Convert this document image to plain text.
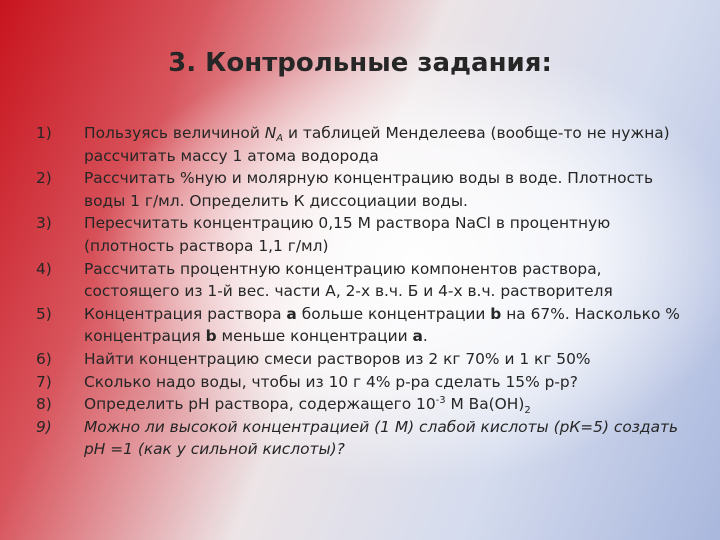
3. Контрольные задания:
1)	Пользуясь величиной $N_A$ и таблицей Менделеева (вообще-то не нужна) рассчитать массу 1 атома водорода
2)	Рассчитать %ную и молярную концентрацию воды в воде. Плотность воды 1 г/мл. Определить К диссоциации воды.
3)	Пересчитать концентрацию 0,15 М раствора NaCl в процентную (плотность раствора 1,1 г/мл)
4)	Рассчитать процентную концентрацию компонентов раствора, состоящего из 1-й вес. части А, 2-х в.ч. Б и 4-х в.ч. растворителя
5)	Концентрация раствора a больше концентрации b на 67%. Насколько % концентрация b меньше концентрации a.
6)	Найти концентрацию смеси растворов из 2 кг 70% и 1 кг 50%
7)	Сколько надо воды, чтобы из 10 г 4% р-ра сделать 15% р-р?
8)	Определить рН раствора, содержащего $10^{-3}$ М $Ва(ОН)_2$
9)	Можно ли высокой концентрацией (1 М) слабой кислоты (рК=5) создать рН =1 (как у сильной кислоты)?
